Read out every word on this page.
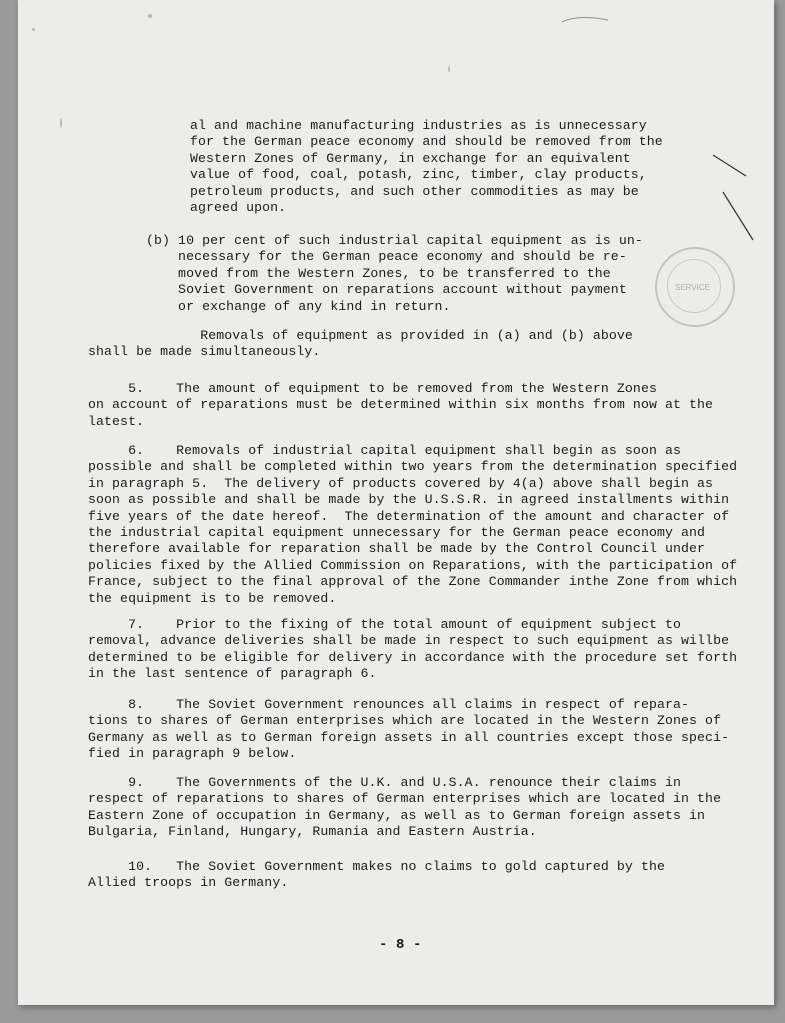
al and machine manufacturing industries as is unnecessary
for the German peace economy and should be removed from the
Western Zones of Germany, in exchange for an equivalent
value of food, coal, potash, zinc, timber, clay products,
petroleum products, and such other commodities as may be
agreed upon.

(b) 10 per cent of such industrial capital equipment as is un-
necessary for the German peace economy and should be re-
moved from the Western Zones, to be transferred to the
Soviet Government on reparations account without payment
or exchange of any kind in return.

Removals of equipment as provided in (a) and (b) above
shall be made simultaneously.

5.    The amount of equipment to be removed from the Western Zones
on account of reparations must be determined within six months from now at the
latest.

6.    Removals of industrial capital equipment shall begin as soon as
possible and shall be completed within two years from the determination specified
in paragraph 5.  The delivery of products covered by 4(a) above shall begin as
soon as possible and shall be made by the U.S.S.R. in agreed installments within
five years of the date hereof.  The determination of the amount and character of
the industrial capital equipment unnecessary for the German peace economy and
therefore available for reparation shall be made by the Control Council under
policies fixed by the Allied Commission on Reparations, with the participation of
France, subject to the final approval of the Zone Commander inthe Zone from which
the equipment is to be removed.

7.    Prior to the fixing of the total amount of equipment subject to
removal, advance deliveries shall be made in respect to such equipment as willbe
determined to be eligible for delivery in accordance with the procedure set forth
in the last sentence of paragraph 6.

8.    The Soviet Government renounces all claims in respect of repara-
tions to shares of German enterprises which are located in the Western Zones of
Germany as well as to German foreign assets in all countries except those speci-
fied in paragraph 9 below.

9.    The Governments of the U.K. and U.S.A. renounce their claims in
respect of reparations to shares of German enterprises which are located in the
Eastern Zone of occupation in Germany, as well as to German foreign assets in
Bulgaria, Finland, Hungary, Rumania and Eastern Austria.

10.   The Soviet Government makes no claims to gold captured by the
Allied troops in Germany.

- 8 -

SERVICE
